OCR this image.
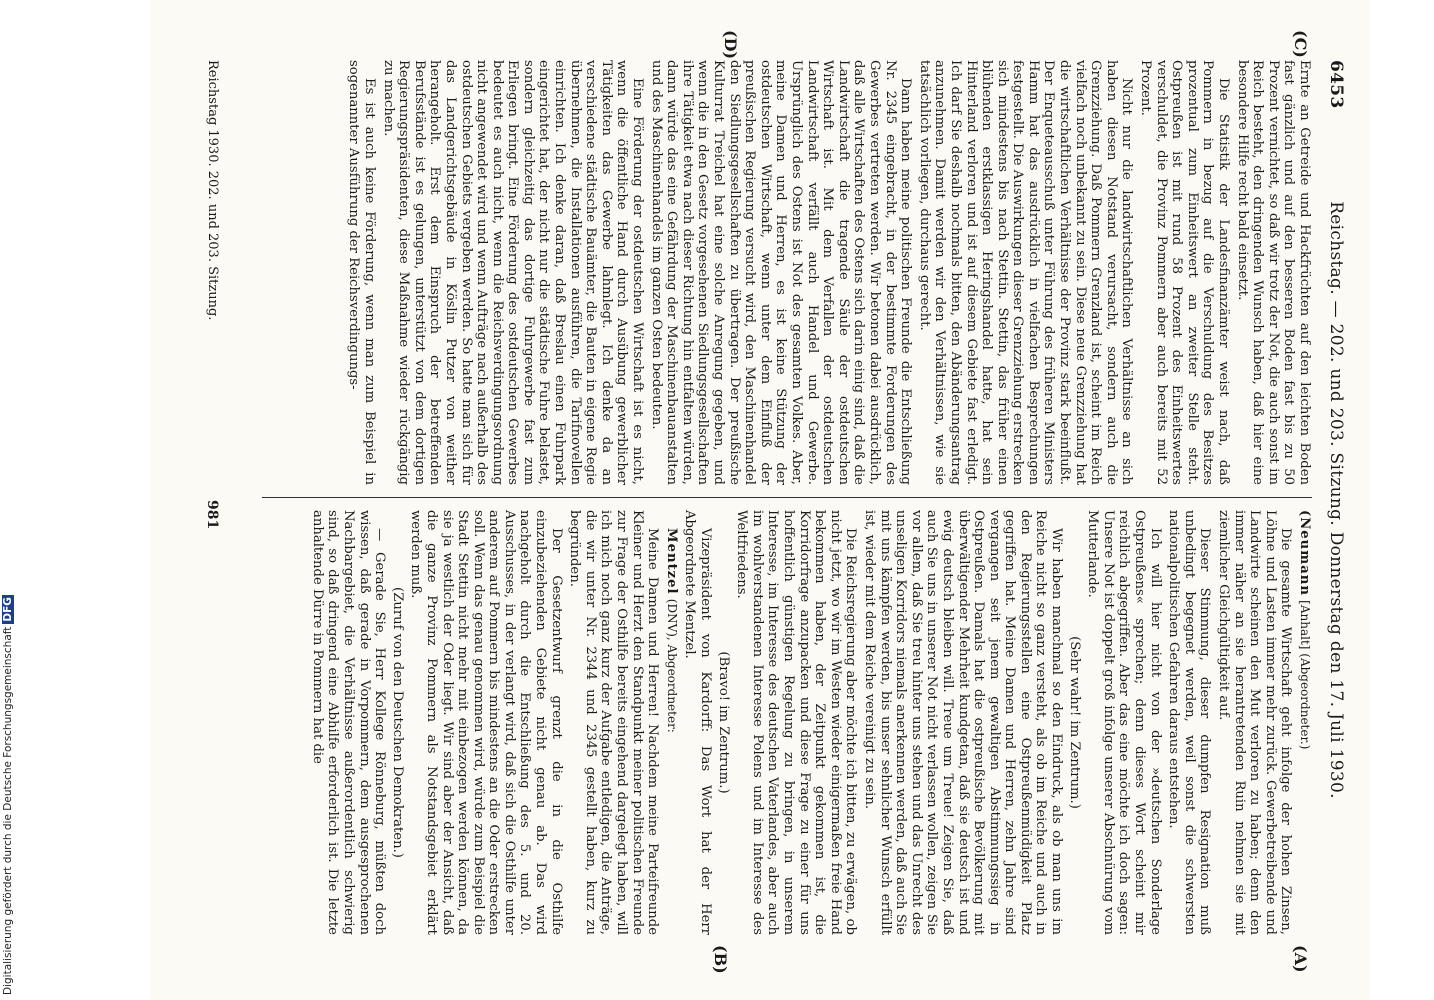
6453
Reichstag. — 202. und 203. Sitzung. Donnerstag den 17. Juli 1930.
(C)
(D)
(A)
(B)

Ernte an Getreide und Hackfrüchten auf den leichten Boden fast gänzlich und auf den besseren Boden fast bis zu 50 Prozent vernichtet, so daß wir trotz der Not, die auch sonst im Reich besteht, den dringenden Wunsch haben, daß hier eine besondere Hilfe recht bald einsetzt.

Die Statistik der Landesfinanzämter weist nach, daß Pommern in bezug auf die Verschuldung des Besitzes prozentual zum Einheitswert an zweiter Stelle steht. Ostpreußen ist mit rund 58 Prozent des Einheitswertes verschuldet, die Provinz Pommern aber auch bereits mit 52 Prozent.

Nicht nur die landwirtschaftlichen Verhältnisse an sich haben diesen Notstand verursacht, sondern auch die Grenzziehung. Daß Pommern Grenzland ist, scheint im Reich vielfach noch unbekannt zu sein. Diese neue Grenzziehung hat die wirtschaftlichen Verhältnisse der Provinz stark beeinflußt. Der Enqueteausschuß unter Führung des früheren Ministers Hamm hat das ausdrücklich in vielfachen Besprechungen festgestellt. Die Auswirkungen dieser Grenzziehung erstrecken sich mindestens bis nach Stettin. Stettin, das früher einen blühenden erstklassigen Heringshandel hatte, hat sein Hinterland verloren und ist auf diesem Gebiete fast erledigt. Ich darf Sie deshalb nochmals bitten, den Abänderungsantrag anzunehmen. Damit werden wir den Verhältnissen, wie sie tatsächlich vorliegen, durchaus gerecht.

Dann haben meine politischen Freunde die Entschließung Nr. 2345 eingebracht, in der bestimmte Forderungen des Gewerbes vertreten werden. Wir betonen dabei ausdrücklich, daß alle Wirtschaften des Ostens sich darin einig sind, daß die Landwirtschaft die tragende Säule der ostdeutschen Wirtschaft ist. Mit dem Verfallen der ostdeutschen Landwirtschaft verfällt auch Handel und Gewerbe. Ursprünglich des Ostens ist Not des gesamten Volkes. Aber, meine Damen und Herren, es ist keine Stützung der ostdeutschen Wirtschaft, wenn unter dem Einfluß der preußischen Regierung versucht wird, den Maschinenhandel den Siedlungsgesellschaften zu übertragen. Der preußische Kulturrat Treichel hat eine solche Anregung gegeben, und wenn die in den Gesetz vorgesehenen Siedlungsgesellschaften ihre Tätigkeit etwa nach dieser Richtung hin entfalten würden, dann würde das eine Gefährdung der Maschinenbauanstalten und des Maschinenhandels im ganzen Osten bedeuten.

Eine Förderung der ostdeutschen Wirtschaft ist es nicht, wenn die öffentliche Hand durch Ausübung gewerblicher Tätigkeiten das Gewerbe lahmlegt. Ich denke da an verschiedene städtische Bauämter, die Bauten in eigene Regie übernehmen, die Installationen ausführen, die Tarifnovellen einrichten. Ich denke daran, daß Breslau einen Fuhrpark eingerichtet hat, der nicht nur die städtische Fuhre belastet, sondern gleichzeitig das dortige Fuhrgewerbe fast zum Erliegen bringt. Eine Förderung des ostdeutschen Gewerbes bedeutet es auch nicht, wenn die Reichsverdingungsordnung nicht angewendet wird und wenn Aufträge nach außerhalb des ostdeutschen Gebiets vergeben werden. So hatte man sich für das Landgerichtsgebäude in Köslin Putzer von weither herangeholt. Erst dem Einspruch der betreffenden Berufsstände ist es gelungen, unterstützt von dem dortigen Regierungspräsidenten, diese Maßnahme wieder rückgängig zu machen.

Es ist auch keine Förderung, wenn man zum Beispiel in sogenannter Ausführung der Reichsverdingungs-

(Neumann [Anhalt] (Abgeordneter.)

Die gesamte Wirtschaft geht infolge der hohen Zinsen, Löhne und Lasten immer mehr zurück. Gewerbetreibende und Landwirte scheinen den Mut verloren zu haben; denn den immer näher an sie herantretenden Ruin nehmen sie mit ziemlicher Gleichgültigkeit auf.

Dieser Stimmung, dieser dumpfen Resignation muß unbedingt begegnet werden, weil sonst die schwersten nationalpolitischen Gefahren daraus entstehen.

Ich will hier nicht von der »deutschen Sonderlage Ostpreußens« sprechen; denn dieses Wort scheint mir reichlich abgegriffen. Aber das eine möchte ich doch sagen: Unsere Not ist doppelt groß infolge unserer Abschnürung vom Mutterlande.

(Sehr wahr! im Zentrum.)

Wir haben manchmal so den Eindruck, als ob man uns im Reiche nicht so ganz versteht, als ob im Reiche und auch in den Regierungsstellen eine Ostpreußenmüdigkeit Platz gegriffen hat. Meine Damen und Herren, zehn Jahre sind vergangen seit jenem gewaltigen Abstimmungssieg in Ostpreußen. Damals hat die ostpreußische Bevölkerung mit überwältigender Mehrheit kundgetan, daß sie deutsch ist und ewig deutsch bleiben will. Treue um Treue! Zeigen Sie, daß auch Sie uns in unserer Not nicht verlassen wollen, zeigen Sie vor allem, daß Sie treu hinter uns stehen und das Unrecht des unseligen Korridors niemals anerkennen werden, daß auch Sie mit uns kämpfen werden, bis unser sehnlicher Wunsch erfüllt ist, wieder mit dem Reiche vereinigt zu sein.

Die Reichsregierung aber möchte ich bitten, zu erwägen, ob nicht jetzt, wo wir im Westen wieder einigermaßen freie Hand bekommen haben, der Zeitpunkt gekommen ist, die Korridorfrage anzupacken und diese Frage zu einer für uns hoffentlich günstigen Regelung zu bringen, in unserem Interesse, im Interesse des deutschen Vaterlandes, aber auch im wohlverstandenen Interesse Polens und im Interesse des Weltfriedens.

(Bravo! im Zentrum.)

Vizepräsident von Kardorff: Das Wort hat der Herr Abgeordnete Mentzel.

Mentzel (DNV), Abgeordneter:

Meine Damen und Herren! Nachdem meine Parteifreunde Kleiner und Herzt den Standpunkt meiner politischen Freunde zur Frage der Osthilfe bereits eingehend dargelegt haben, will ich mich noch ganz kurz der Aufgabe entledigen, die Anträge, die wir unter Nr. 2344 und 2345 gestellt haben, kurz zu begründen.

Der Gesetzentwurf grenzt die in die Osthilfe einzubeziehenden Gebiete nicht genau ab. Das wird nachgeholt durch die Entschließung des 5. und 20. Ausschusses, in der verlangt wird, daß sich die Osthilfe unter anderem auf Pommern bis mindestens an die Oder erstrecken soll. Wenn das genau genommen wird, würde zum Beispiel die Stadt Stettin nicht mehr mit einbezogen werden können, da sie ja westlich der Oder liegt. Wir sind aber der Ansicht, daß die ganze Provinz Pommern als Notstandsgebiet erklärt werden muß.

(Zuruf von den Deutschen Demokraten.)

— Gerade Sie, Herr Kollege Rönneburg, müßten doch wissen, daß gerade in Vorpommern, dem ausgesprochenen Nachbargebiet, die Verhältnisse außerordentlich schwierig sind, so daß dringend eine Abhilfe erforderlich ist. Die letzte anhaltende Dürre in Pommern hat die

Reichstag 1930. 202. und 203. Sitzung.
981
Digitalisierung gefördert durch die Deutsche ForschungsgemeinschaftDFG
